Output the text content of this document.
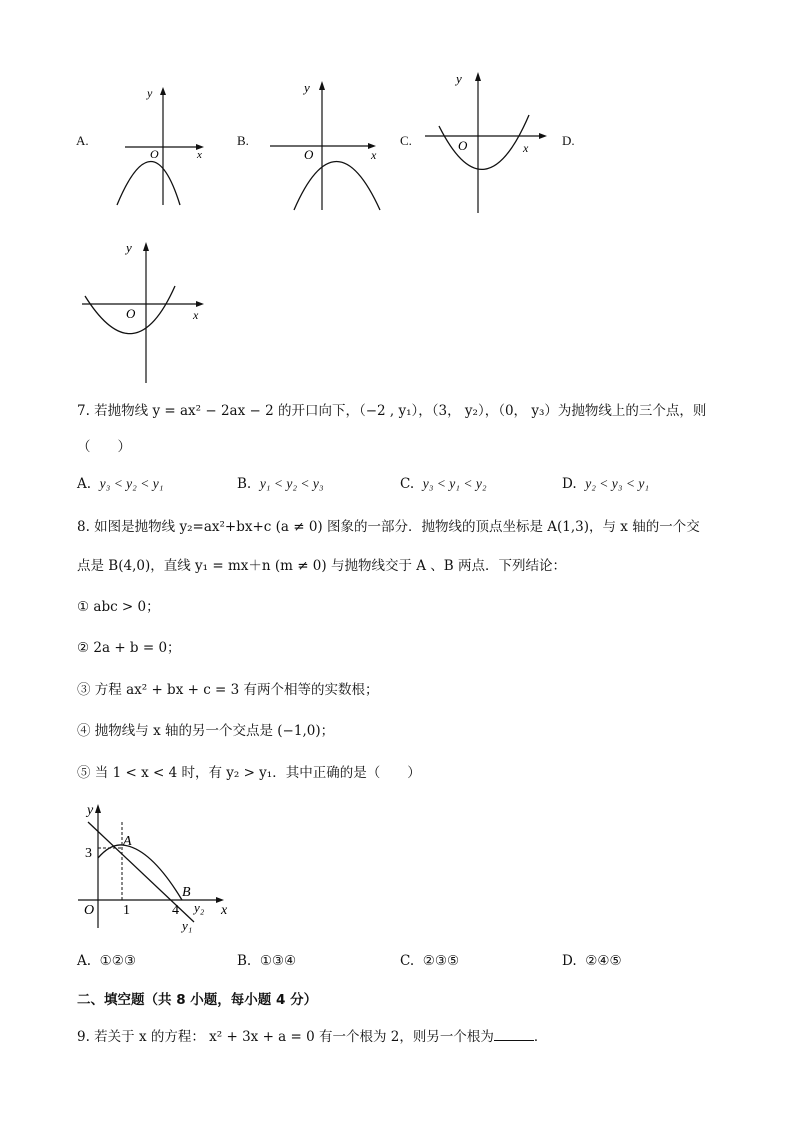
A.
y
O	x
B.
y
O	x
C.
y
O	x	D.
y
O	x
7. 若抛物线 y = ax² − 2ax − 2 的开口向下，（−2 , y₁），（3， y₂），（0， y₃）为抛物线上的三个点，则
（　　）
A. y₃ < y₂ < y₁	B. y₁ < y₂ < y₃	C. y₃ < y₁ < y₂	D. y₂ < y₃ < y₁
8. 如图是抛物线 y₂=ax²+bx+c (a ≠ 0) 图象的一部分．抛物线的顶点坐标是 A(1,3)，与 x 轴的一个交
点是 B(4,0)，直线 y₁ = mx＋n (m ≠ 0) 与抛物线交于 A 、B 两点．下列结论：
① abc > 0；
② 2a + b = 0；
③ 方程 ax² + bx + c = 3 有两个相等的实数根；
④ 抛物线与 x 轴的另一个交点是 (−1,0)；
⑤ 当 1 < x < 4 时，有 y₂ > y₁．其中正确的是（　　）
y
x
O
3
1	4
A
B
y₂
y₁
A. ①②③	B. ①③④	C. ②③⑤	D. ②④⑤
二、填空题（共 8 小题，每小题 4 分）
9. 若关于 x 的方程： x² + 3x + a = 0 有一个根为 2，则另一个根为	．
